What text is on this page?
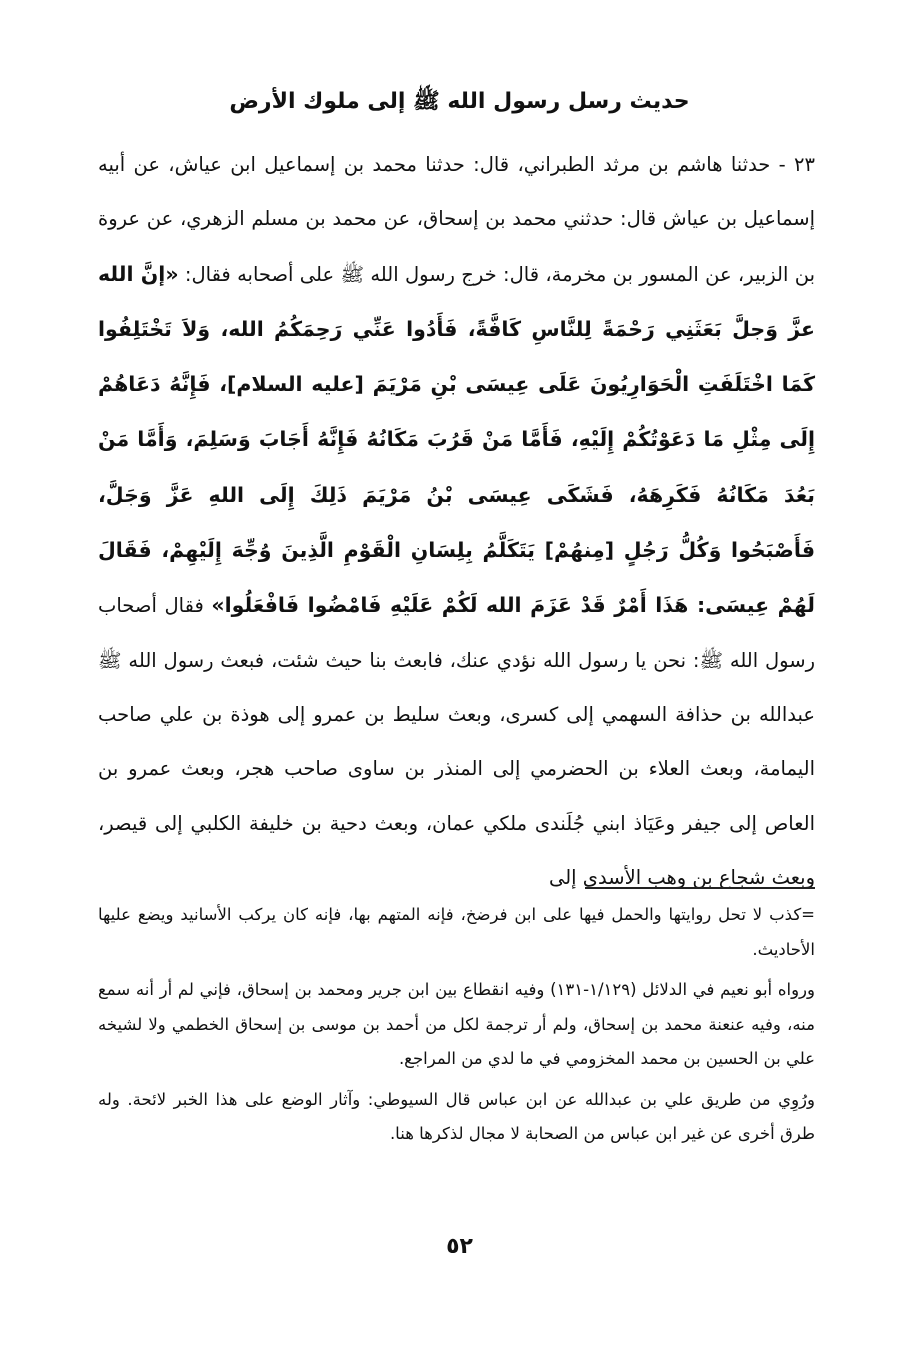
حديث رسل رسول الله ﷺ إلى ملوك الأرض
٢٣ - حدثنا هاشم بن مرثد الطبراني، قال: حدثنا محمد بن إسماعيل ابن عياش، عن أبيه إسماعيل بن عياش قال: حدثني محمد بن إسحاق، عن محمد بن مسلم الزهري، عن عروة بن الزبير، عن المسور بن مخرمة، قال: خرج رسول الله ﷺ على أصحابه فقال: «إنَّ الله عزَّ وَجلَّ بَعَثَنِي رَحْمَةً لِلنَّاسِ كَافَّةً، فَأَدُوا عَنِّي رَحِمَكُمُ الله، وَلاَ تَخْتَلِفُوا كَمَا اخْتَلَفَتِ الْحَوَارِيُونَ عَلَى عِيسَى بْنِ مَرْيَمَ [عليه السلام]، فَإِنَّهُ دَعَاهُمْ إِلَى مِثْلِ مَا دَعَوْتُكُمْ إِلَيْهِ، فَأَمَّا مَنْ قَرُبَ مَكَانُهُ فَإِنَّهُ أَجَابَ وَسَلِمَ، وَأَمَّا مَنْ بَعُدَ مَكَانُهُ فَكَرِهَهُ، فَشَكَى عِيسَى بْنُ مَرْيَمَ ذَلِكَ إِلَى اللهِ عَزَّ وَجَلَّ، فَأَصْبَحُوا وَكُلُّ رَجُلٍ [مِنهُمْ] يَتَكَلَّمُ بِلِسَانِ الْقَوْمِ الَّذِينَ وُجِّهَ إِلَيْهِمْ، فَقَالَ لَهُمْ عِيسَى: هَذَا أَمْرٌ قَدْ عَزَمَ الله لَكُمْ عَلَيْهِ فَامْضُوا فَافْعَلُوا» فقال أصحاب رسول الله ﷺ: نحن يا رسول الله نؤدي عنك، فابعث بنا حيث شئت، فبعث رسول الله ﷺ عبدالله بن حذافة السهمي إلى كسرى، وبعث سليط بن عمرو إلى هوذة بن علي صاحب اليمامة، وبعث العلاء بن الحضرمي إلى المنذر بن ساوى صاحب هجر، وبعث عمرو بن العاص إلى جيفر وعَيَاذ ابني جُلَندى ملكي عمان، وبعث دحية بن خليفة الكلبي إلى قيصر، وبعث شجاع بن وهب الأسدي إلى

=كذب لا تحل روايتها والحمل فيها على ابن فرضخ، فإنه المتهم بها، فإنه كان يركب الأسانيد ويضع عليها الأحاديث.

ورواه أبو نعيم في الدلائل (١/١٢٩-١٣١) وفيه انقطاع بين ابن جرير ومحمد بن إسحاق، فإني لم أر أنه سمع منه، وفيه عنعنة محمد بن إسحاق، ولم أر ترجمة لكل من أحمد بن موسى بن إسحاق الخطمي ولا لشيخه علي بن الحسين بن محمد المخزومي في ما لدي من المراجع.

ورُوِي من طريق علي بن عبدالله عن ابن عباس قال السيوطي: وآثار الوضع على هذا الخبر لائحة. وله طرق أخرى عن غير ابن عباس من الصحابة لا مجال لذكرها هنا.

٥٢
